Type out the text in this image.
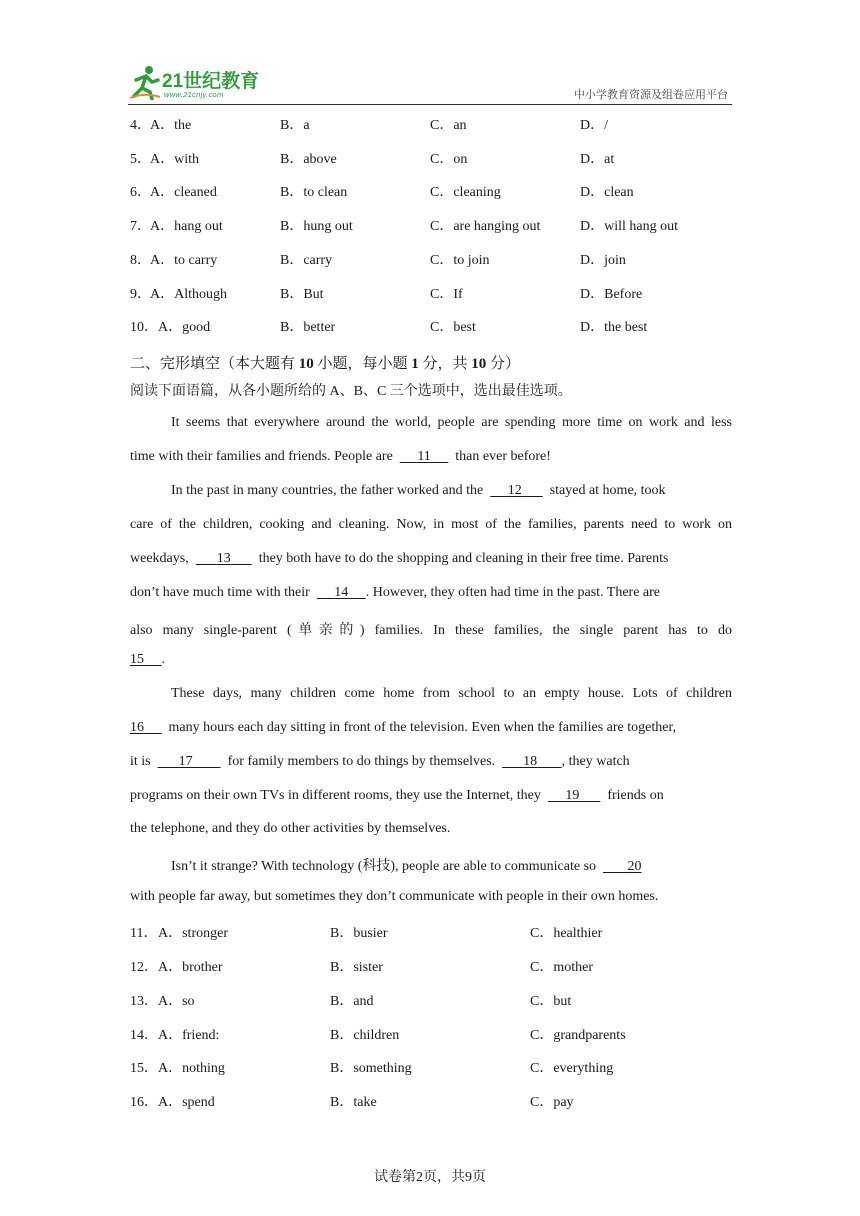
21世纪教育
www.21cnjy.com	中小学教育资源及组卷应用平台
4． A．the	B．a	C．an	D．/
5． A．with	B．above	C．on	D．at
6． A．cleaned	B．to clean	C．cleaning	D．clean
7． A．hang out	B．hung out	C．are hanging out	D．will hang out
8． A．to carry	B．carry	C．to join	D．join
9． A．Although	B．But	C．If	D．Before
10． A．good	B．better	C．best	D．the best
二、完形填空（本大题有 10 小题，每小题 1 分，共 10 分）
阅读下面语篇，从各小题所给的 A、B、C 三个选项中，选出最佳选项。
It seems that everywhere around the world, people are spending more time on work and less
time with their families and friends. People are 11 than ever before!
In the past in many countries, the father worked and the 12 stayed at home, took
care of the children, cooking and cleaning. Now, in most of the families, parents need to work on
weekdays, 13 they both have to do the shopping and cleaning in their free time. Parents
don’t have much time with their 14 . However, they often had time in the past. There are
also many single-parent (单亲的) families. In these families, the single parent has to do
15 .
These days, many children come home from school to an empty house. Lots of children
16 many hours each day sitting in front of the television. Even when the families are together,
it is 17	for family members to do things by themselves. 18 , they watch
programs on their own TVs in different rooms, they use the Internet, they 19 friends on
the telephone, and they do other activities by themselves.
Isn’t it strange? With technology (科技), people are able to communicate so 20
with people far away, but sometimes they don’t communicate with people in their own homes.
11． A．stronger	B．busier	C．healthier
12． A．brother	B．sister	C．mother
13． A．so	B．and	C．but
14． A．friend:	B．children	C．grandparents
15． A．nothing	B．something	C．everything
16． A．spend	B．take	C．pay
试卷第2页，共9页
